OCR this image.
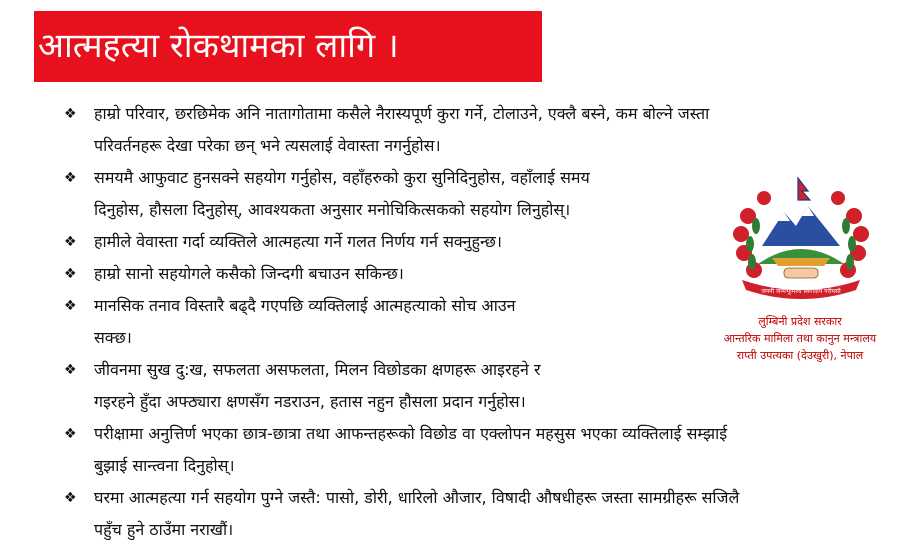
आत्महत्या रोकथामका लागि ।
❖ हाम्रो परिवार, छरछिमेक अनि नातागोतामा कसैले नैरास्यपूर्ण कुरा गर्ने, टोलाउने, एक्लै बस्ने, कम बोल्ने जस्ता
परिवर्तनहरू देखा परेका छन् भने त्यसलाई वेवास्ता नगर्नुहोस।
❖ समयमै आफुवाट हुनसक्ने सहयोग गर्नुहोस, वहाँहरुको कुरा सुनिदिनुहोस, वहाँलाई समय
दिनुहोस, हौसला दिनुहोस्, आवश्यकता अनुसार मनोचिकित्सकको सहयोग लिनुहोस्।
❖ हामीले वेवास्ता गर्दा व्यक्तिले आत्महत्या गर्ने गलत निर्णय गर्न सक्नुहुन्छ।
❖ हाम्रो सानो सहयोगले कसैको जिन्दगी बचाउन सकिन्छ।
❖ मानसिक तनाव विस्तारै बढ्दै गएपछि व्यक्तिलाई आत्महत्याको सोच आउन
सक्छ।
❖ जीवनमा सुख दु:ख, सफलता असफलता, मिलन विछोडका क्षणहरू आइरहने र
गइरहने हुँदा अफ्ठ्यारा क्षणसँग नडराउन, हतास नहुन हौसला प्रदान गर्नुहोस।
❖ परीक्षामा अनुत्तिर्ण भएका छात्र-छात्रा तथा आफन्तहरूको विछोड वा एक्लोपन महसुस भएका व्यक्तिलाई सम्झाई
बुझाई सान्त्वना दिनुहोस्।
❖ घरमा आत्महत्या गर्न सहयोग पुग्ने जस्तै: पासो, डोरी, धारिलो औजार, विषादी औषधीहरू जस्ता सामग्रीहरू सजिलै
पहुँच हुने ठाउँमा नराखौं।
जननी जन्मभूमिश्च स्वर्गादपि गरीयसी
लुम्बिनी प्रदेश सरकार
आन्तरिक मामिला तथा कानुन मन्त्रालय
राप्ती उपत्यका (देउखुरी), नेपाल
